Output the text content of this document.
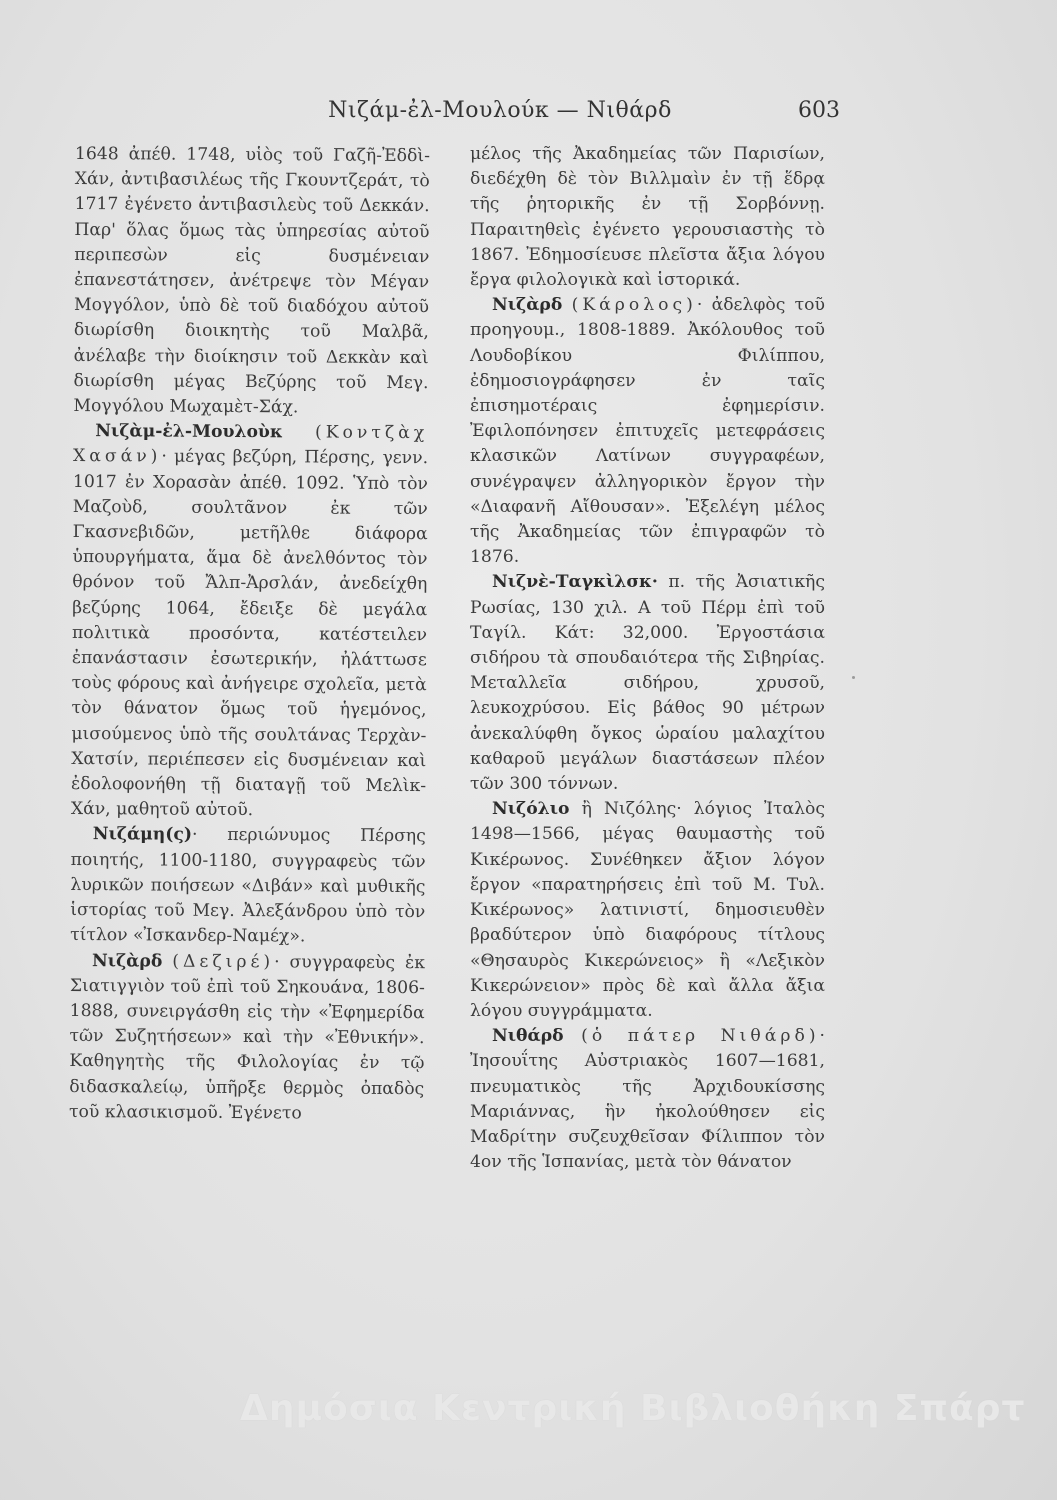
Νιζάμ-ἐλ-Μουλούκ — Νιθάρδ	603

1648 ἀπέθ. 1748, υἱὸς τοῦ Γαζῆ-Ἐδδὶ-Χάν, ἀντιβασιλέως τῆς Γκουντζεράτ, τὸ 1717 ἐγένετο ἀντιβασιλεὺς τοῦ Δεκκάν. Παρ' ὅλας ὅμως τὰς ὑπηρεσίας αὐτοῦ περιπεσὼν εἰς δυσμένειαν ἐπανεστάτησεν, ἀνέτρεψε τὸν Μέγαν Μογγόλον, ὑπὸ δὲ τοῦ διαδόχου αὐτοῦ διωρίσθη διοικητὴς τοῦ Μαλβᾶ, ἀνέλαβε τὴν διοίκησιν τοῦ Δεκκὰν καὶ διωρίσθη μέγας Βεζύρης τοῦ Μεγ. Μογγόλου Μωχαμὲτ-Σάχ.

Νιζὰμ-ἐλ-Μουλοὺκ (Κοντζὰχ Χασάν)· μέγας βεζύρη, Πέρσης, γενν. 1017 ἐν Χορασὰν ἀπέθ. 1092. Ὑπὸ τὸν Μαζοὺδ, σουλτᾶνον ἐκ τῶν Γκασνεβιδῶν, μετῆλθε διάφορα ὑπουργήματα, ἅμα δὲ ἀνελθόντος τὸν θρόνον τοῦ Ἄλπ-Ἀρσλάν, ἀνεδείχθη βεζύρης 1064, ἔδειξε δὲ μεγάλα πολιτικὰ προσόντα, κατέστειλεν ἐπανάστασιν ἐσωτερικήν, ἠλάττωσε τοὺς φόρους καὶ ἀνήγειρε σχολεῖα, μετὰ τὸν θάνατον ὅμως τοῦ ἡγεμόνος, μισούμενος ὑπὸ τῆς σουλτάνας Τερχὰν-Χατσίν, περιέπεσεν εἰς δυσμένειαν καὶ ἐδολοφονήθη τῇ διαταγῇ τοῦ Μελὶκ-Χάν, μαθητοῦ αὐτοῦ.

Νιζάμη(ς)· περιώνυμος Πέρσης ποιητής, 1100-1180, συγγραφεὺς τῶν λυρικῶν ποιήσεων «Διβάν» καὶ μυθικῆς ἱστορίας τοῦ Μεγ. Ἀλεξάνδρου ὑπὸ τὸν τίτλον «Ἰσκανδερ-Ναμέχ».

Νιζὰρδ (Δεζιρέ)· συγγραφεὺς ἐκ Σιατιγγιὸν τοῦ ἐπὶ τοῦ Σηκουάνα, 1806-1888, συνειργάσθη εἰς τὴν «Ἐφημερίδα τῶν Συζητήσεων» καὶ τὴν «Ἐθνικήν». Καθηγητὴς τῆς Φιλολογίας ἐν τῷ διδασκαλείῳ, ὑπῆρξε θερμὸς ὀπαδὸς τοῦ κλασικισμοῦ. Ἐγένετο

μέλος τῆς Ἀκαδημείας τῶν Παρισίων, διεδέχθη δὲ τὸν Βιλλμαὶν ἐν τῇ ἕδρᾳ τῆς ῥητορικῆς ἐν τῇ Σορβόννῃ. Παραιτηθεὶς ἐγένετο γερουσιαστὴς τὸ 1867. Ἐδημοσίευσε πλεῖστα ἄξια λόγου ἔργα φιλολογικὰ καὶ ἱστορικά.

Νιζὰρδ (Κάρολος)· ἀδελφὸς τοῦ προηγουμ., 1808-1889. Ἀκόλουθος τοῦ Λουδοβίκου Φιλίππου, ἐδημοσιογράφησεν ἐν ταῖς ἐπισημοτέραις ἐφημερίσιν. Ἐφιλοπόνησεν ἐπιτυχεῖς μετεφράσεις κλασικῶν Λατίνων συγγραφέων, συνέγραψεν ἀλληγορικὸν ἔργον τὴν «Διαφανῆ Αἴθουσαν». Ἐξελέγη μέλος τῆς Ἀκαδημείας τῶν ἐπιγραφῶν τὸ 1876.

Νιζνὲ-Ταγκὶλσκ· π. τῆς Ἀσιατικῆς Ρωσίας, 130 χιλ. Α τοῦ Πέρμ ἐπὶ τοῦ Ταγίλ. Κάτ: 32,000. Ἐργοστάσια σιδήρου τὰ σπουδαιότερα τῆς Σιβηρίας. Μεταλλεῖα σιδήρου, χρυσοῦ, λευκοχρύσου. Εἰς βάθος 90 μέτρων ἀνεκαλύφθη ὄγκος ὡραίου μαλαχίτου καθαροῦ μεγάλων διαστάσεων πλέον τῶν 300 τόννων.

Νιζόλιο ἢ Νιζόλης· λόγιος Ἰταλὸς 1498—1566, μέγας θαυμαστὴς τοῦ Κικέρωνος. Συνέθηκεν ἄξιον λόγον ἔργον «παρατηρήσεις ἐπὶ τοῦ Μ. Τυλ. Κικέρωνος» λατινιστί, δημοσιευθὲν βραδύτερον ὑπὸ διαφόρους τίτλους «Θησαυρὸς Κικερώνειος» ἢ «Λεξικὸν Κικερώνειον» πρὸς δὲ καὶ ἄλλα ἄξια λόγου συγγράμματα.

Νιθάρδ (ὁ πάτερ Νιθάρδ)· Ἰησουΐτης Αὐστριακὸς 1607—1681, πνευματικὸς τῆς Ἀρχιδουκίσσης Μαριάννας, ἣν ἠκολούθησεν εἰς Μαδρίτην συζευχθεῖσαν Φίλιππον τὸν 4ον τῆς Ἱσπανίας, μετὰ τὸν θάνατον

Δημόσια Κεντρική Βιβλιοθήκη Σπάρτ
